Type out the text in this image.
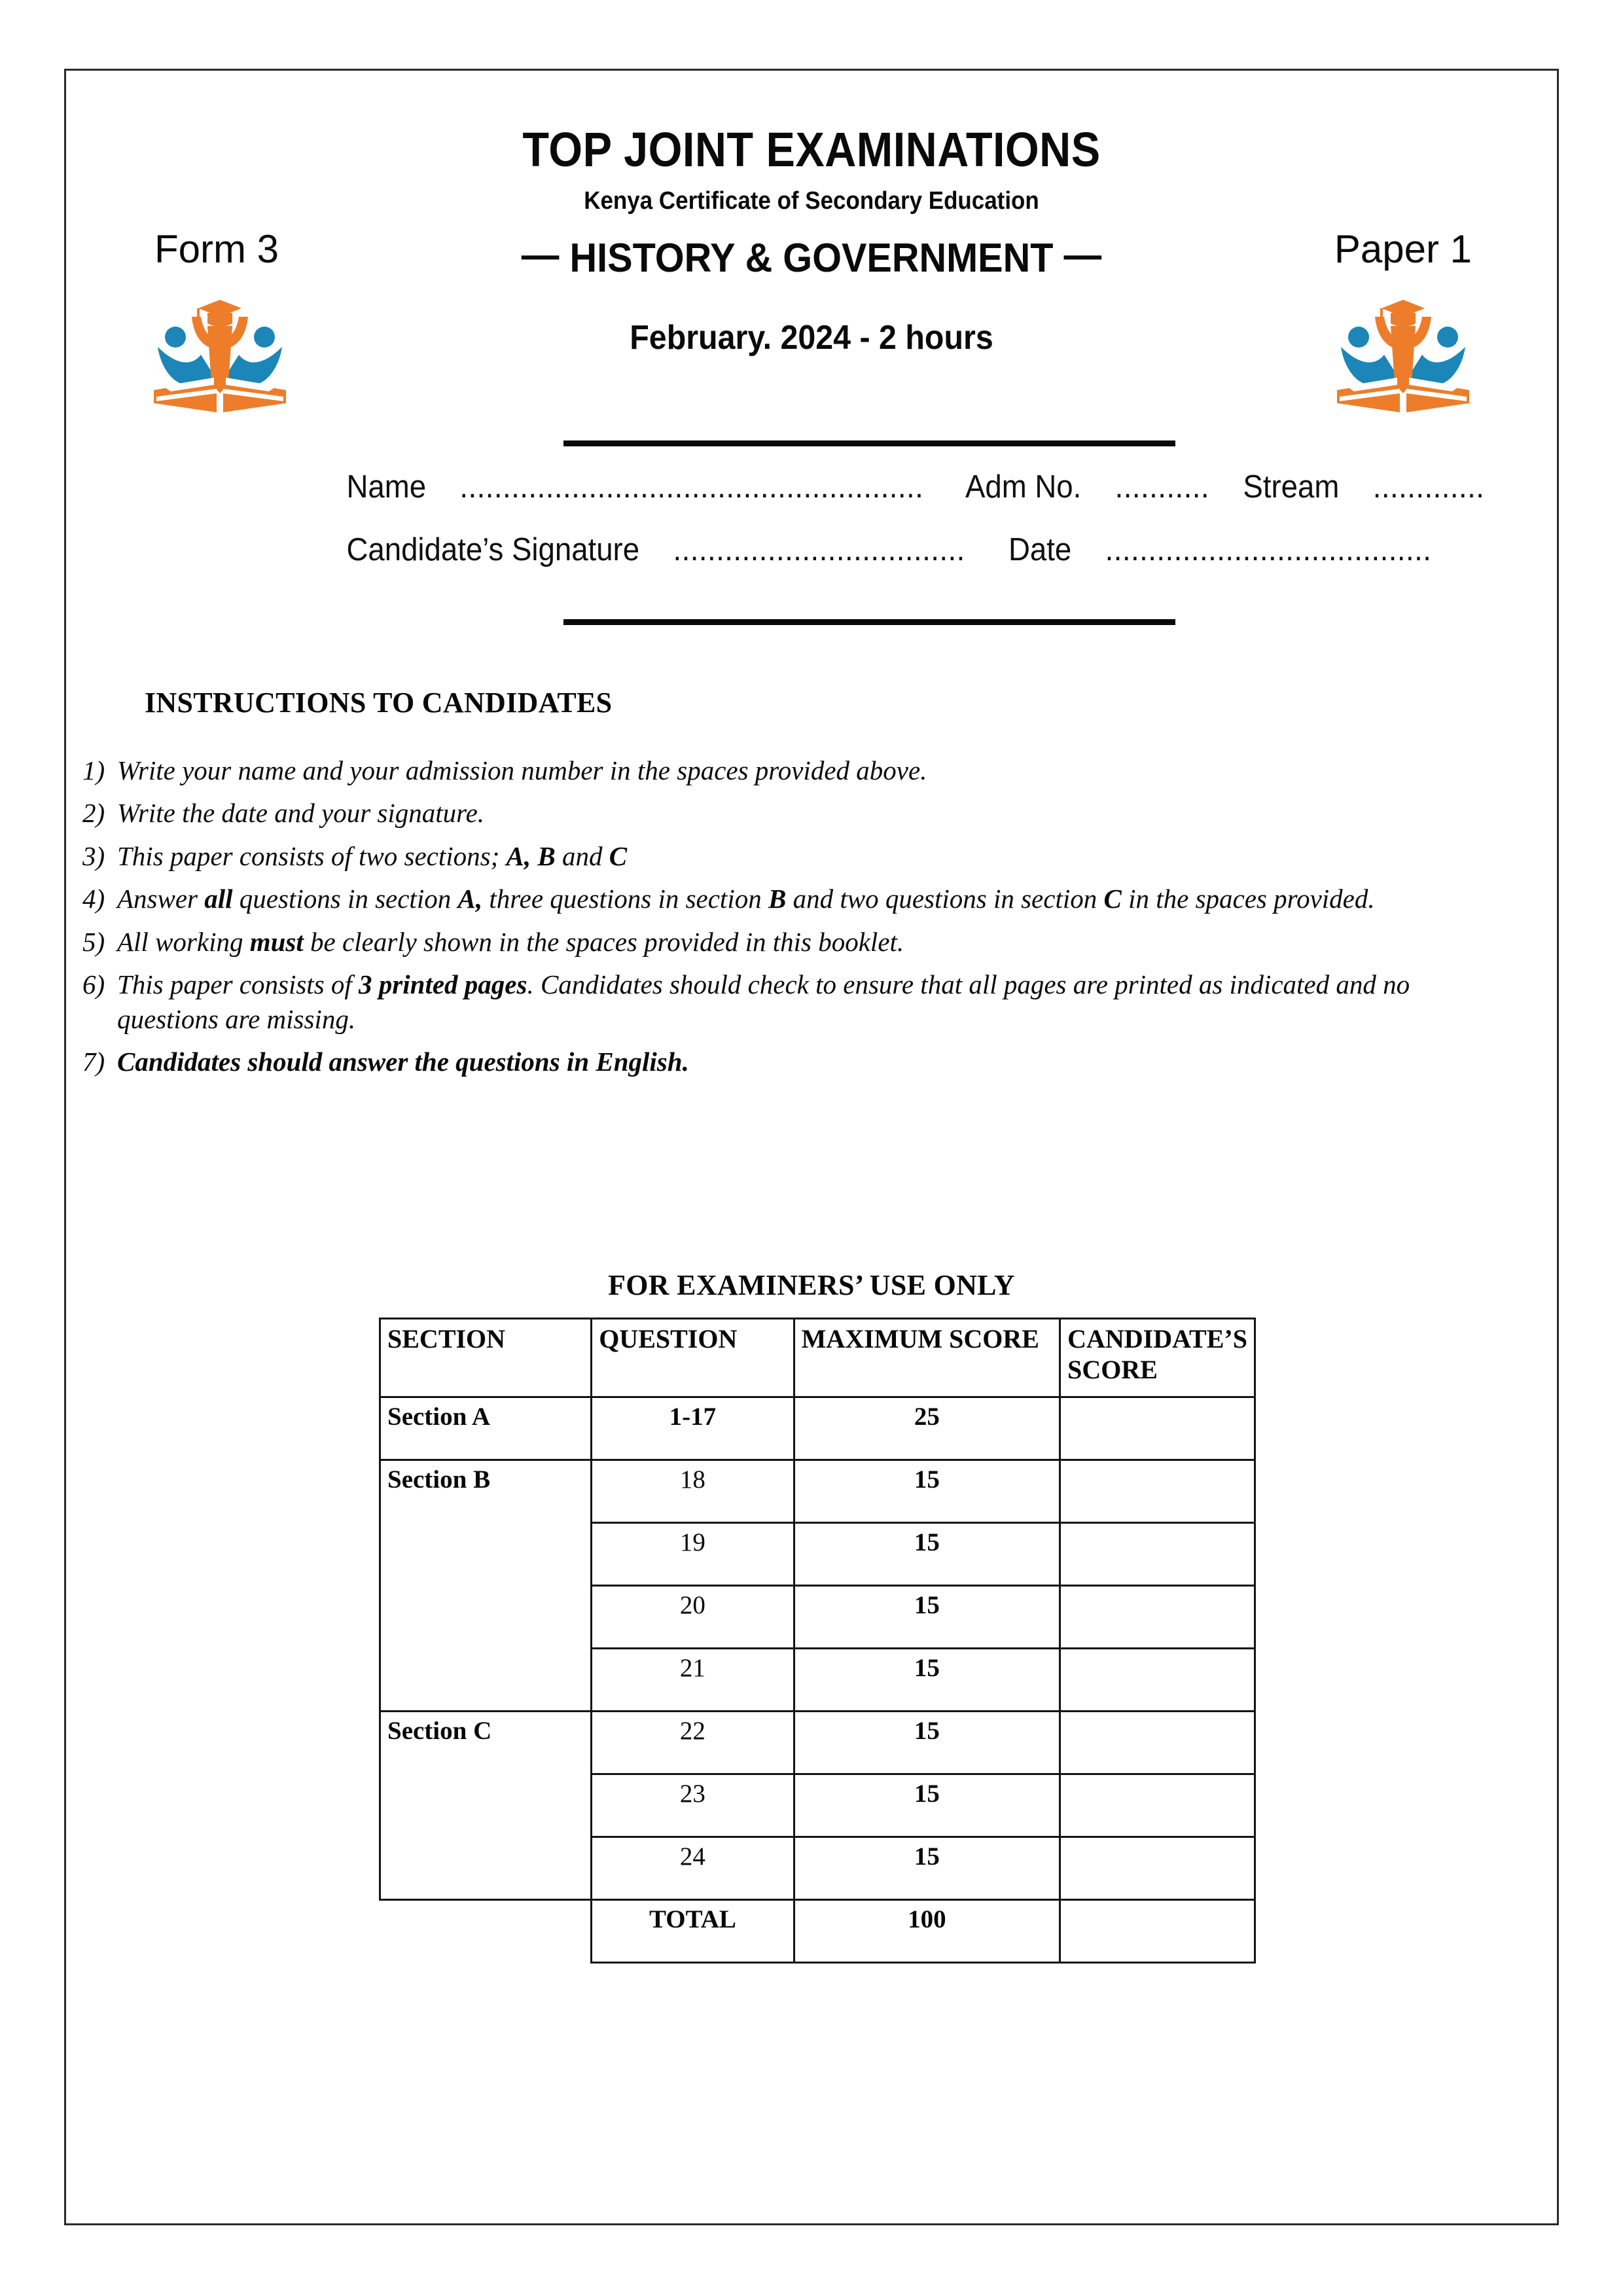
TOP JOINT EXAMINATIONS
Kenya Certificate of Secondary Education
Form 3	Paper 1
— HISTORY & GOVERNMENT —
February. 2024 - 2 hours
Name ...................................................... Adm No. ........... Stream .............
Candidate’s Signature .................................. Date ......................................
INSTRUCTIONS TO CANDIDATES
1) Write your name and your admission number in the spaces provided above.
2) Write the date and your signature.
3) This paper consists of two sections; A, B and C
4) Answer all questions in section A, three questions in section B and two questions in section C in the spaces provided.
5) All working must be clearly shown in the spaces provided in this booklet.
6) This paper consists of 3 printed pages. Candidates should check to ensure that all pages are printed as indicated and no questions are missing.
7) Candidates should answer the questions in English.
FOR EXAMINERS’ USE ONLY
SECTION	QUESTION	MAXIMUM SCORE	CANDIDATE’S SCORE
Section A	1-17	25	
Section B	18	15	
	19	15	
	20	15	
	21	15	
Section C	22	15	
	23	15	
	24	15	
	TOTAL	100	
